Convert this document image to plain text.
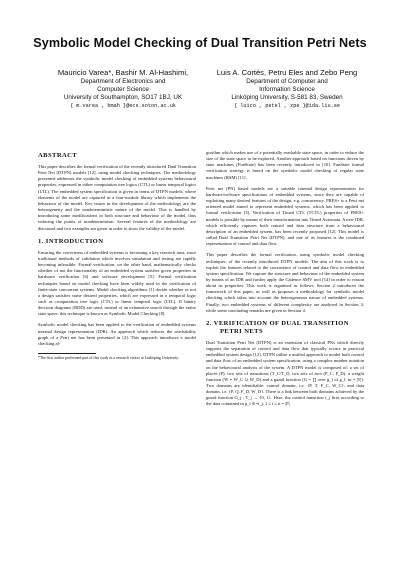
Symbolic Model Checking of Dual Transition Petri Nets
Mauricio Varea*, Bashir M. Al-Hashimi,
Department of Electronics and
Computer Science
University of Southampton, SO17 1BJ, UK
{ m.varea , bmah }@ecs.soton.ac.uk
Luis A. Cortés, Petru Eles and Zebo Peng
Department of Computer and
Information Science
Linköping University, S-581 83, Sweden
{ luico , petel , zpe }@ida.liu.se
ABSTRACT

This paper describes the formal verification of the recently introduced Dual Transition Petri Net (DTPN) models [12], using model checking techniques. The methodology presented addresses the symbolic model checking of embedded systems behavioural properties, expressed in either computation tree logics (CTL) or linear temporal logics (LTL). The embedded system specification is given in terms of DTPN models, where elements of the model are captured in a four-module library which implements the behaviour of the model. Key issues in the development of the methodology are the heterogeneity and the nondeterministic nature of the model. This is handled by introducing some modifications in both structure and behaviour of the model, thus reducing the points of nondeterminism. Several features of the methodology are discussed and two examples are given in order to show the validity of the model.

1. INTRODUCTION

Ensuring the correctness of embedded systems is becoming a key research area, since traditional methods of validation which involves simulation and testing are rapidly becoming infeasible. Formal verification, on the other hand, mathematically checks whether of not the functionality of an embedded system satisfies given properties in hardware verification [6] and software development [5]. Formal verification techniques based on model checking have been widely used in the verification of finite-state concurrent systems. Model checking algorithms [1] decide whether or not a design satisfies some desired properties, which are expressed in a temporal logic such as computation tree logic (CTL) or linear temporal logic (LTL). If binary decision diagrams (BDD) are used, instead of an exhaustive search through the entire state space, this technique is known as Symbolic Model Checking [8].

Symbolic model checking has been applied to the verification of embedded systems internal design representation (IDR). An approach which reduces the reachability graph of a Petri net has been presented in [2]. This approach introduces a model checking al-

*The first author performed part of this work as a research visitor at Linköping University.

gorithm which makes use of a potentially reachable state space, in order to reduce the size of the state space to be explored. Another approach based on functions driven by state machines (FunState) has been recently introduced in [10]. FunState formal verification strategy is based on the symbolic model checking of regular state machines (RSM) [11].

Petri net (PN) based models are a suitable internal design representation for hardware/software specifications of embedded systems, since they are capable of exploiting many desired features of the design, e.g. concurrency. PRES+ is a Petri net oriented model aimed to represent embedded systems, which has been applied to formal verification [3]. Verification of Timed CTL (TCTL) properties of PRES+ models is possible by means of their transformation into Timed Automata. A new IDR, which efficiently captures both control and data structure from a behavioural description of an embedded system, has been recently proposed [12]. This model is called Dual Transition Petri Net (DTPN), and one of its features is the combined representation of control and data flow.

This paper describes the formal verification, using symbolic model checking techniques, of the recently introduced DTPN models. The aim of this work is to exploit the features related to the coexistence of control and data flow in embedded system specification. We capture the structure and behaviour of the embedded system by means of an IDR and further apply the Cadence SMV tool [14] in order to reason about its properties. This work is organised as follows. Section 2 introduces the framework of this paper, as well as proposes a methodology for symbolic model checking which takes into account the heterogeneous nature of embedded systems. Finally, two embedded systems of different complexity are analysed in Section 3, while some concluding remarks are given in Section 4.

2. VERIFICATION OF DUAL TRANSITION
PETRI NETS

Dual Transition Petri Net (DTPN) is an extension of classical PNs which directly supports the separation of control and data flow that typically occurs in practical embedded system design [12]. DTPN utilise a unified approach to model both control and data flow of an embedded system specification, using a complex number notation on the behavioural analysis of the system. A DTPN model is composed of: a set of places (P), two sets of transitions (T_C/T_D, two sets of arcs (F_C, F_D), a weight function (W = W_C ∪ W_D) and a guard function (G = ∏ over g_l of g_l, m = |T|). Two domains are identifiable: control domain, i.e. {P, T, F_C, W_C}, and data domain, i.e. {P, Q, F_D, W_D}. There is a link between both domains achieved by the guard function G_j : T_j → {0, 1}. Here, the control transition t_j fires according to the data contained in p_i ∈ •t_j, 1 ≤ i ≤ n = |P|.
